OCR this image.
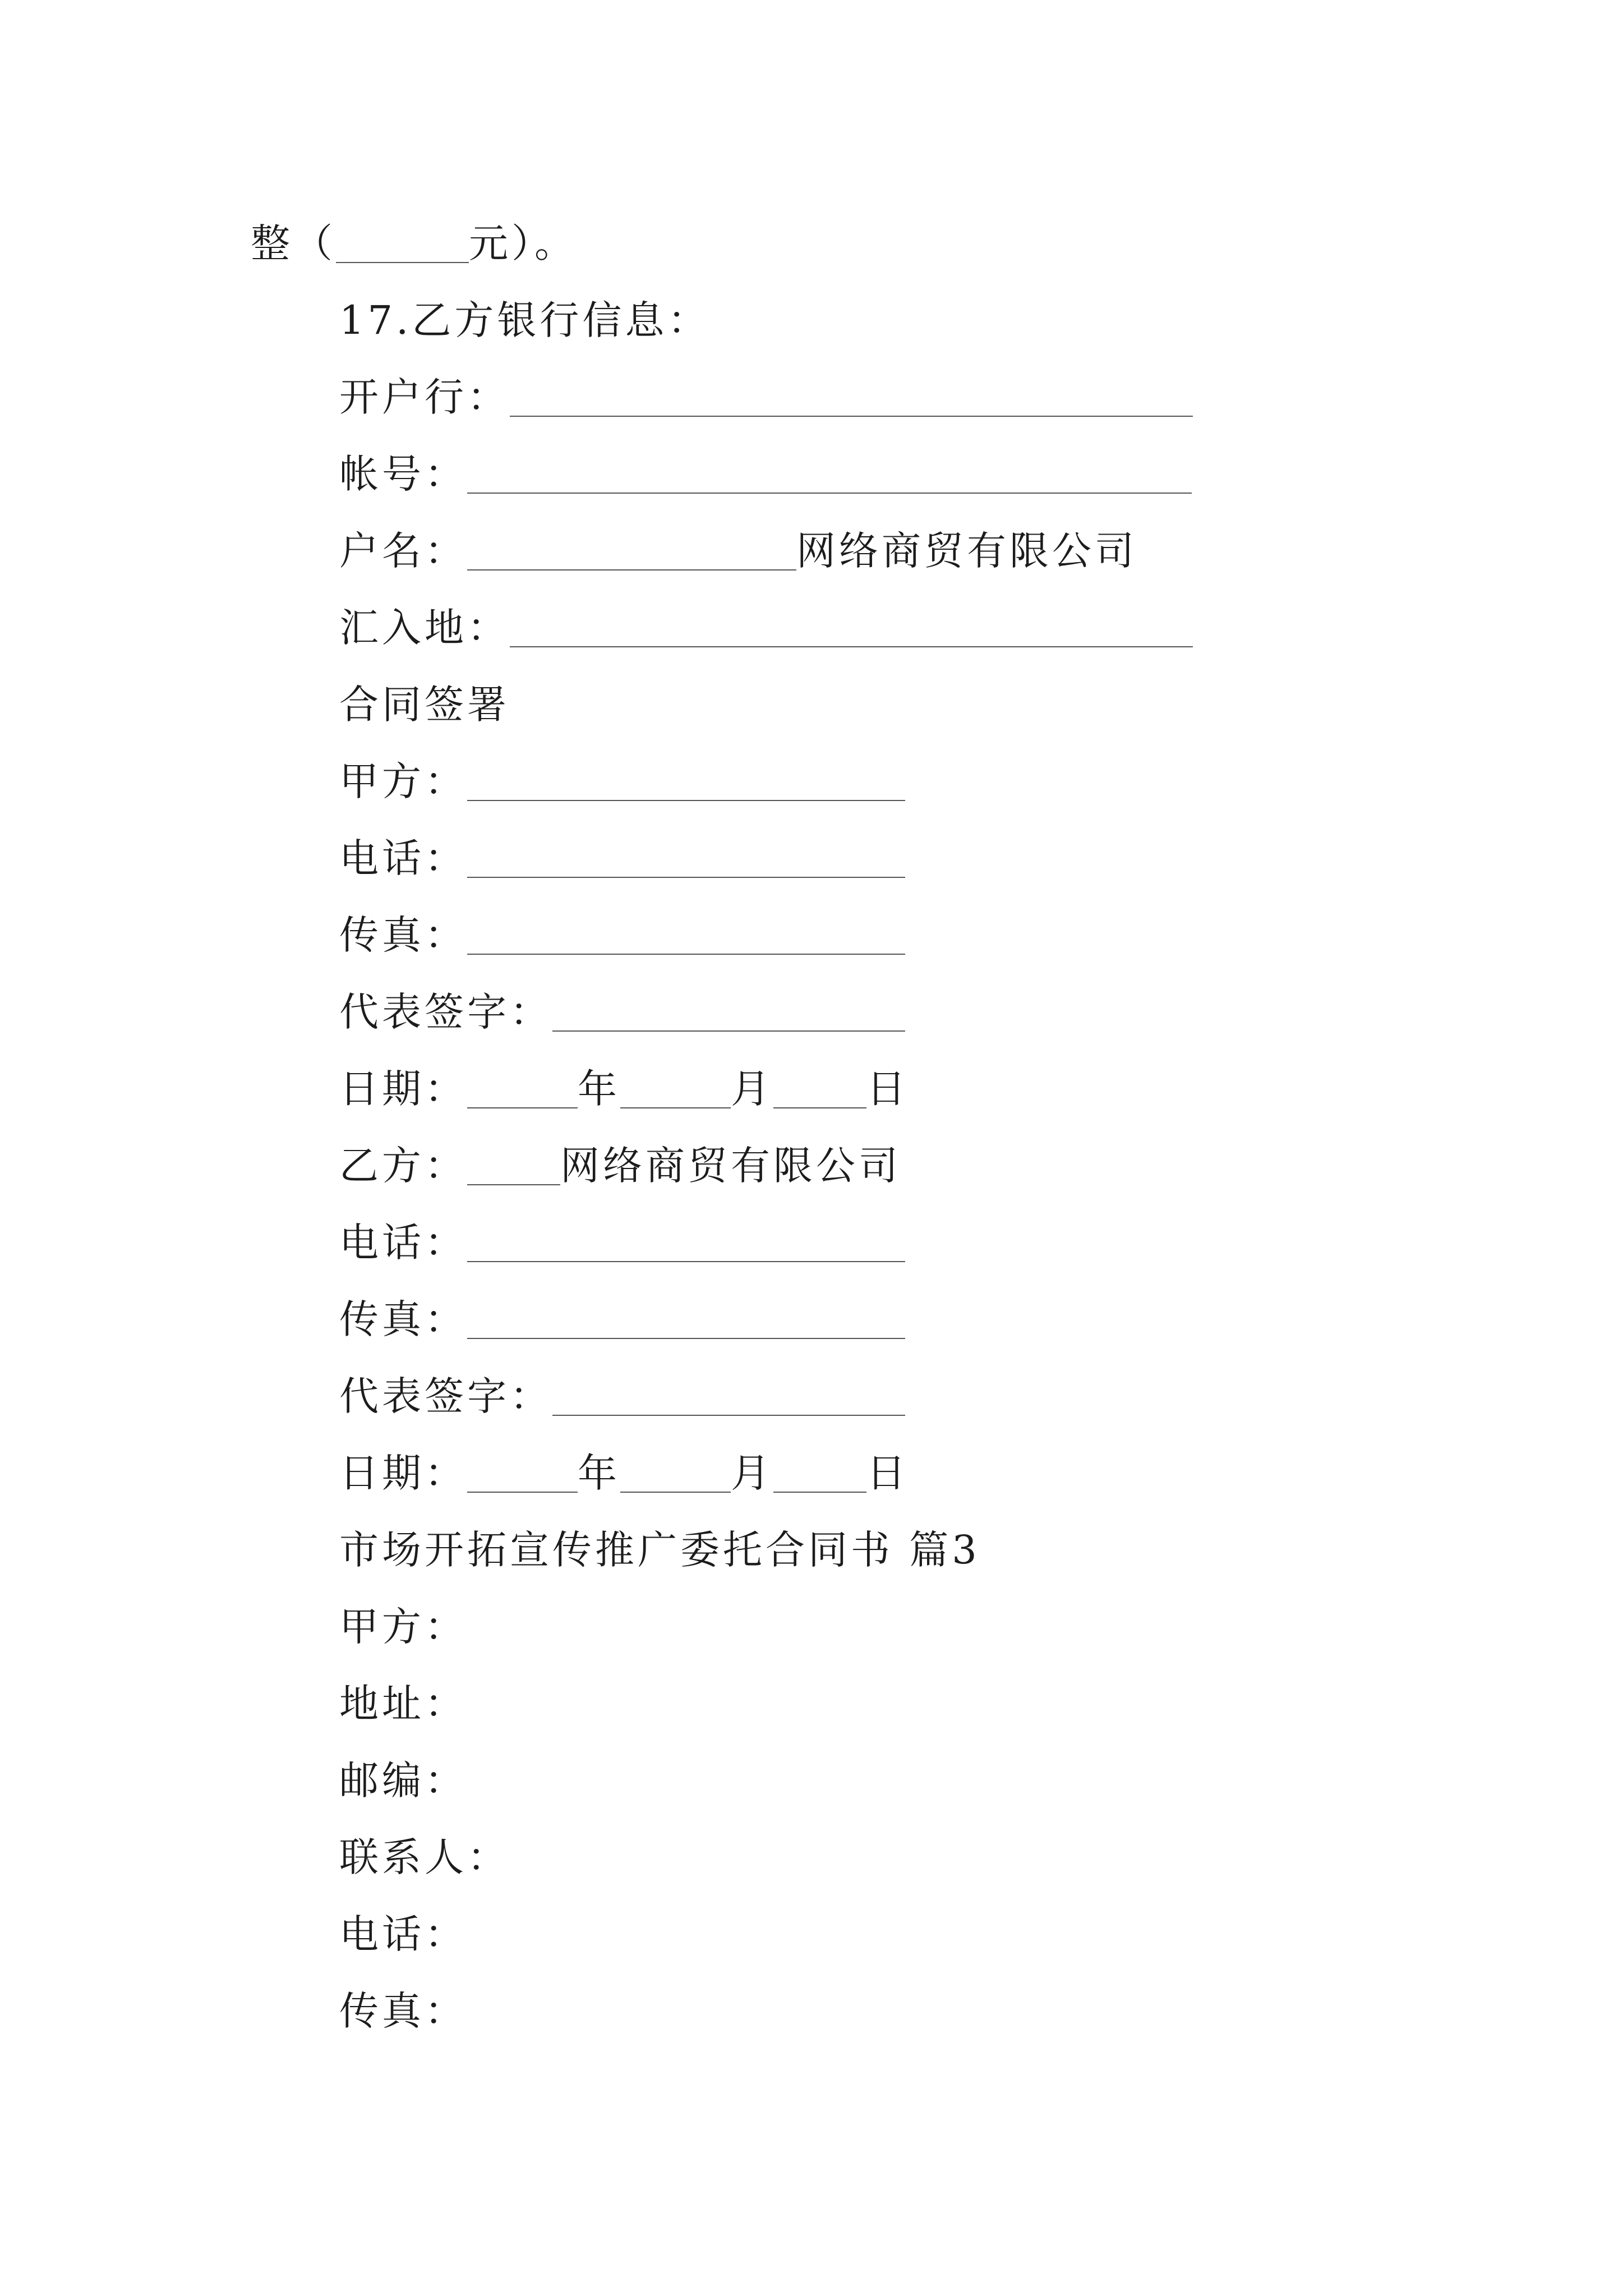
整（	元）。
17.乙方银行信息：
开户行：
帐号：
户名：	网络商贸有限公司
汇入地：
合同签署
甲方：
电话：
传真：
代表签字：
日期：	年	月 日
乙方： 网络商贸有限公司
电话：
传真：
代表签字：
日期：	年	月 日
市场开拓宣传推广委托合同书 篇3
甲方：
地址：
邮编：
联系人：
电话：
传真：
